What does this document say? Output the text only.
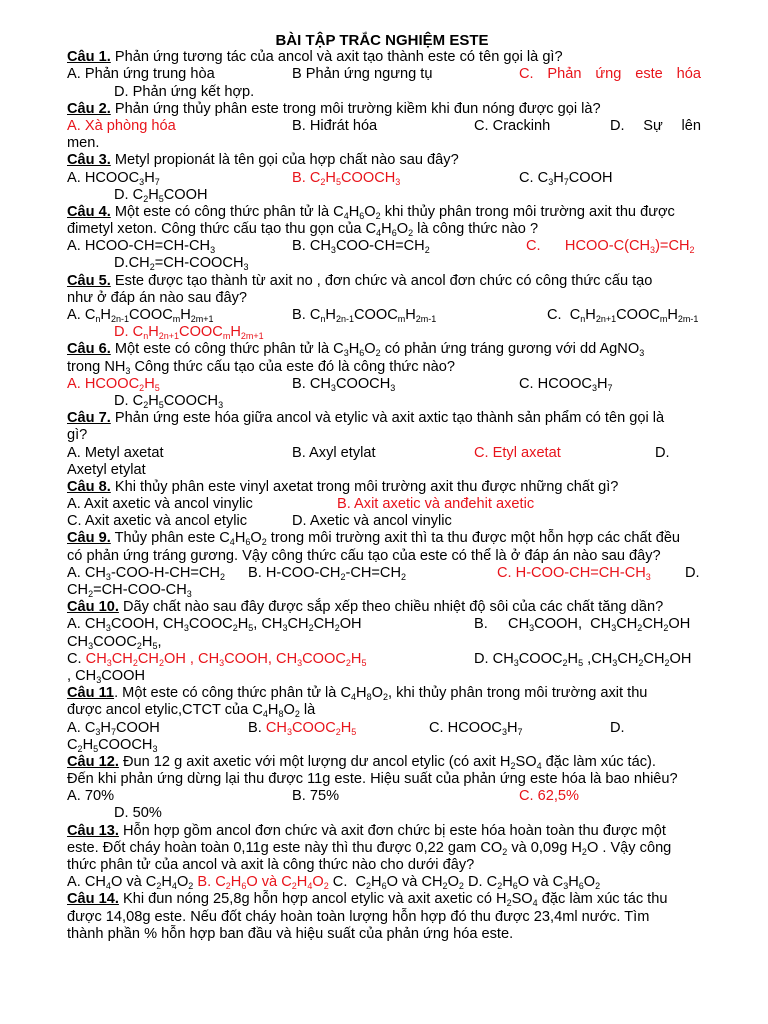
BÀI TẬP TRẮC NGHIỆM ESTE
Câu 1. Phản ứng tương tác của ancol và axit tạo thành este có tên gọi là gì?
A. Phản ứng trung hòa	B Phản ứng ngưng tụ	C. Phản ứng este hóa
D. Phản ứng kết hợp.
Câu 2. Phản ứng thủy phân este trong môi trường kiềm khi đun nóng được gọi là?
A. Xà phòng hóa	B. Hiđrát hóa	C. Crackinh	D. Sự lên
men.
Câu 3. Metyl propionát là tên gọi của hợp chất nào sau đây?
A. $HCOOC_3H_7$	B. $C_2H_5COOCH_3$	C. $C_3H_7COOH$
D. $C_2H_5COOH$
Câu 4. Một este có công thức phân tử là $C_4H_6O_2$ khi thủy phân trong môi trường axit thu được
đimetyl xeton. Công thức cấu tạo thu gọn của $C_4H_6O_2$ là công thức nào ?
A. HCOO-$CH=CH-CH_3$	B. $CH_3COO-CH=CH_2$	C.      HCOO-$C(CH_3)=CH_2$
$D.CH_2=CH-COOCH_3$
Câu 5. Este được tạo thành từ axit no , đơn chức và ancol đơn chức có công thức cấu tạo
như ở đáp án nào sau đây?
A. $C_nH_{2n-1}COOC_mH_{2m+1}$	B. $C_nH_{2n-1}COOC_mH_{2m-1}$	C.  $C_nH_{2n+1}COOC_mH_{2m-1}$
D. $C_nH_{2n+1}COOC_mH_{2m+1}$
Câu 6. Một este có công thức phân tử là $C_3H_6O_2$ có phản ứng tráng gương với dd AgNO$_3$
trong $NH_3$ Công thức cấu tạo của este đó là công thức nào?
A. $HCOOC_2H_5$	B. $CH_3COOCH_3$	C. $HCOOC_3H_7$
D. $C_2H_5COOCH_3$
Câu 7. Phản ứng este hóa giữa ancol và etylic và axit axtic tạo thành sản phẩm có tên gọi là
gì?
A. Metyl axetat	B. Axyl etylat	C. Etyl axetat	D.
Axetyl etylat
Câu 8. Khi thủy phân este vinyl axetat trong môi trường axit thu được những chất gì?
A. Axit axetic và ancol vinylic	B. Axit axetic và anđehit axetic
C. Axit axetic và ancol etylic	D. Axetic và ancol vinylic
Câu 9. Thủy phân este $C_4H_6O_2$ trong môi trường axit thì ta thu được một hỗn hợp các chất đều
có phản ứng tráng gương. Vậy công thức cấu tạo của este có thể là ở đáp án nào sau đây?
A. $CH_3-COO-H-CH=CH_2$ B. $H-COO-CH_2-CH=CH_2$	C. $H-COO-CH=CH-CH_3$ D.
$CH_2=CH-COO-CH_3$
Câu 10. Dãy chất nào sau đây được sắp xếp theo chiều nhiệt độ sôi của các chất tăng dần?
A. $CH_3COOH$, $CH_3COOC_2H_5$, $CH_3CH_2CH_2OH$	B.     $CH_3COOH$,  $CH_3CH_2CH_2OH$
$CH_3COOC_2H_5$,
C. $CH_3CH_2CH_2OH$ , $CH_3COOH$, $CH_3COOC_2H_5$	D. $CH_3COOC_2H_5$ $,CH_3CH_2CH_2OH$
, $CH_3COOH$
Câu 11. Một este có công thức phân tử là $C_4H_8O_2$, khi thủy phân trong môi trường axit thu
được ancol etylic,CTCT của $C_4H_8O_2$ là
A. $C_3H_7COOH$	B. $CH_3COOC_2H_5$	C. $HCOOC_3H_7$	D.
$C_2H_5COOCH_3$
Câu 12. Đun 12 g axit axetic với một lượng dư ancol etylic (có axit $H_2SO_4$ đặc làm xúc tác).
Đến khi phản ứng dừng lại thu được 11g este. Hiệu suất của phản ứng este hóa là bao nhiêu?
A. 70%	B. 75%	C. 62,5%
D. 50%
Câu 13. Hỗn hợp gồm ancol đơn chức và axit đơn chức bị este hóa hoàn toàn thu được một
este. Đốt cháy hoàn toàn 0,11g este này thì thu được 0,22 gam $CO_2$ và 0,09g $H_2O$ . Vậy công
thức phân tử của ancol và axit là công thức nào cho dưới đây?
A. $CH_4O$ và $C_2H_4O_2$ B. $C_2H_6O$ và $C_2H_4O_2$ C.  $C_2H_6O$ và $CH_2O_2$ D. $C_2H_6O$ và $C_3H_6O_2$
Câu 14. Khi đun nóng 25,8g hỗn hợp ancol etylic và axit axetic có $H_2SO_4$ đặc làm xúc tác thu
được 14,08g este. Nếu đốt cháy hoàn toàn lượng hỗn hợp đó thu được 23,4ml nước. Tìm
thành phần % hỗn hợp ban đầu và hiệu suất của phản ứng hóa este.
